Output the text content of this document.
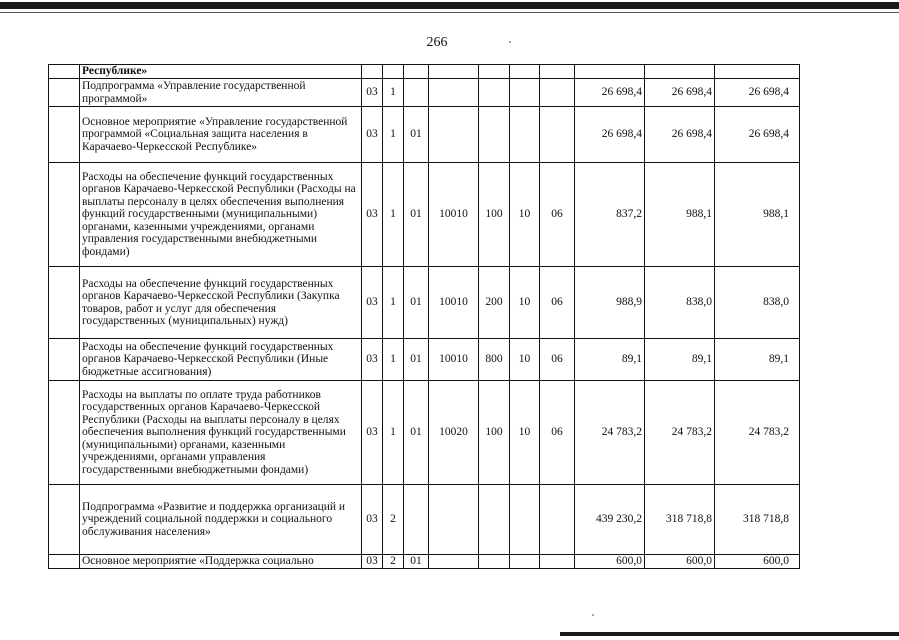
266
	Республике»										
	Подпрограмма «Управление государственной программой»	03	1						26 698,4	26 698,4	26 698,4
	Основное мероприятие «Управление государственной программой «Социальная защита населения в Карачаево-Черкесской Республике»	03	1	01					26 698,4	26 698,4	26 698,4
	Расходы на обеспечение функций государственных органов Карачаево-Черкесской Республики (Расходы на выплаты персоналу в целях обеспечения выполнения функций государственными (муниципальными) органами, казенными учреждениями, органами управления государственными внебюджетными фондами)	03	1	01	10010	100	10	06	837,2	988,1	988,1
	Расходы на обеспечение функций государственных органов Карачаево-Черкесской Республики (Закупка товаров, работ и услуг для обеспечения государственных (муниципальных) нужд)	03	1	01	10010	200	10	06	988,9	838,0	838,0
	Расходы на обеспечение функций государственных органов Карачаево-Черкесской Республики (Иные бюджетные ассигнования)	03	1	01	10010	800	10	06	89,1	89,1	89,1
	Расходы на выплаты по оплате труда работников государственных органов Карачаево-Черкесской Республики (Расходы на выплаты персоналу в целях обеспечения выполнения функций государственными (муниципальными) органами, казенными учреждениями, органами управления государственными внебюджетными фондами)	03	1	01	10020	100	10	06	24 783,2	24 783,2	24 783,2
	Подпрограмма «Развитие и поддержка организаций и учреждений социальной поддержки и социального обслуживания населения»	03	2						439 230,2	318 718,8	318 718,8
	Основное мероприятие «Поддержка социально	03	2	01					600,0	600,0	600,0
